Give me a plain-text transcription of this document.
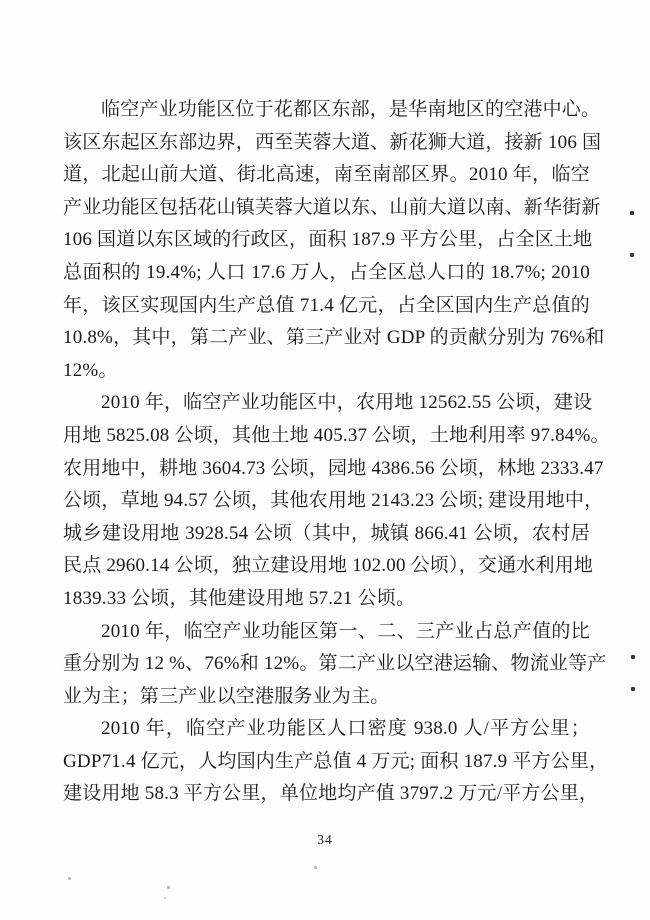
临空产业功能区位于花都区东部，是华南地区的空港中心。
该区东起区东部边界，西至芙蓉大道、新花狮大道，接新 106 国
道，北起山前大道、街北高速，南至南部区界。2010 年，临空
产业功能区包括花山镇芙蓉大道以东、山前大道以南、新华街新
106 国道以东区域的行政区，面积 187.9 平方公里，占全区土地
总面积的 19.4%; 人口 17.6 万人，占全区总人口的 18.7%; 2010
年，该区实现国内生产总值 71.4 亿元，占全区国内生产总值的
10.8%，其中，第二产业、第三产业对 GDP 的贡献分别为 76%和
12%。
2010 年，临空产业功能区中，农用地 12562.55 公顷，建设
用地 5825.08 公顷，其他土地 405.37 公顷，土地利用率 97.84%。
农用地中，耕地 3604.73 公顷，园地 4386.56 公顷，林地 2333.47
公顷，草地 94.57 公顷，其他农用地 2143.23 公顷; 建设用地中，
城乡建设用地 3928.54 公顷（其中，城镇 866.41 公顷，农村居
民点 2960.14 公顷，独立建设用地 102.00 公顷），交通水利用地
1839.33 公顷，其他建设用地 57.21 公顷。
2010 年，临空产业功能区第一、二、三产业占总产值的比
重分别为 12 %、76%和 12%。第二产业以空港运输、物流业等产
业为主；第三产业以空港服务业为主。
2010 年，临空产业功能区人口密度 938.0 人/平方公里；
GDP71.4 亿元，人均国内生产总值 4 万元; 面积 187.9 平方公里，
建设用地 58.3 平方公里，单位地均产值 3797.2 万元/平方公里，
34
